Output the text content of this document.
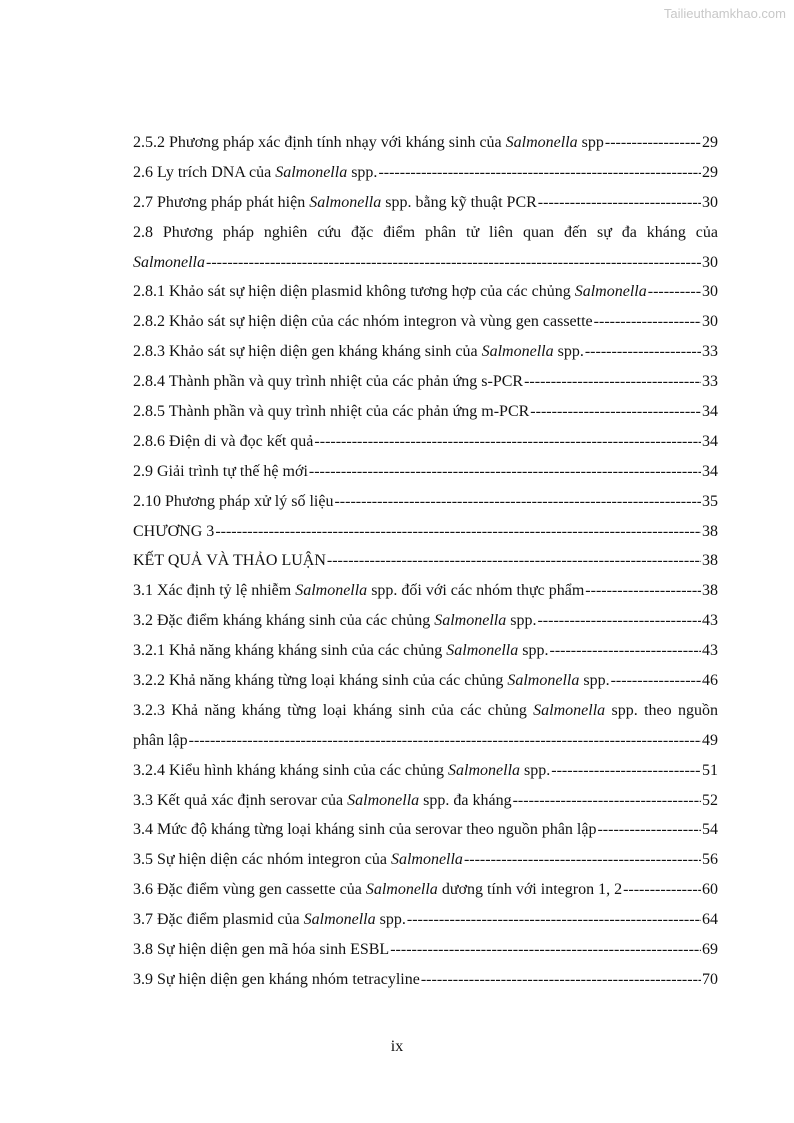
Tailieuthamkhao.com
2.5.2 Phương pháp xác định tính nhạy với kháng sinh của Salmonella spp -----	29
2.6 Ly trích DNA của Salmonella spp. -----	29
2.7 Phương pháp phát hiện Salmonella spp. bằng kỹ thuật PCR -----	30
2.8 Phương pháp nghiên cứu đặc điểm phân tử liên quan đến sự đa kháng của
Salmonella -----	30
2.8.1 Khảo sát sự hiện diện plasmid không tương hợp của các chủng Salmonella -----	30
2.8.2 Khảo sát sự hiện diện của các nhóm integron và vùng gen cassette -----	30
2.8.3 Khảo sát sự hiện diện gen kháng kháng sinh của Salmonella spp. -----	33
2.8.4 Thành phần và quy trình nhiệt của các phản ứng s-PCR -----	33
2.8.5 Thành phần và quy trình nhiệt của các phản ứng m-PCR -----	34
2.8.6 Điện di và đọc kết quả -----	34
2.9 Giải trình tự thế hệ mới -----	34
2.10 Phương pháp xử lý số liệu -----	35
CHƯƠNG 3 -----	38
KẾT QUẢ VÀ THẢO LUẬN -----	38
3.1 Xác định tỷ lệ nhiễm Salmonella spp. đối với các nhóm thực phẩm -----	38
3.2 Đặc điểm kháng kháng sinh của các chủng Salmonella spp. -----	43
3.2.1 Khả năng kháng kháng sinh của các chủng Salmonella spp. -----	43
3.2.2 Khả năng kháng từng loại kháng sinh của các chủng Salmonella spp. -----	46
3.2.3 Khả năng kháng từng loại kháng sinh của các chủng Salmonella spp. theo nguồn
phân lập -----	49
3.2.4 Kiểu hình kháng kháng sinh của các chủng Salmonella spp. -----	51
3.3 Kết quả xác định serovar của Salmonella spp. đa kháng -----	52
3.4 Mức độ kháng từng loại kháng sinh của serovar theo nguồn phân lập -----	54
3.5 Sự hiện diện các nhóm integron của Salmonella -----	56
3.6 Đặc điểm vùng gen cassette của Salmonella dương tính với integron 1, 2 -----	60
3.7 Đặc điểm plasmid của Salmonella spp. -----	64
3.8 Sự hiện diện gen mã hóa sinh ESBL -----	69
3.9 Sự hiện diện gen kháng nhóm tetracyline -----	70
ix
